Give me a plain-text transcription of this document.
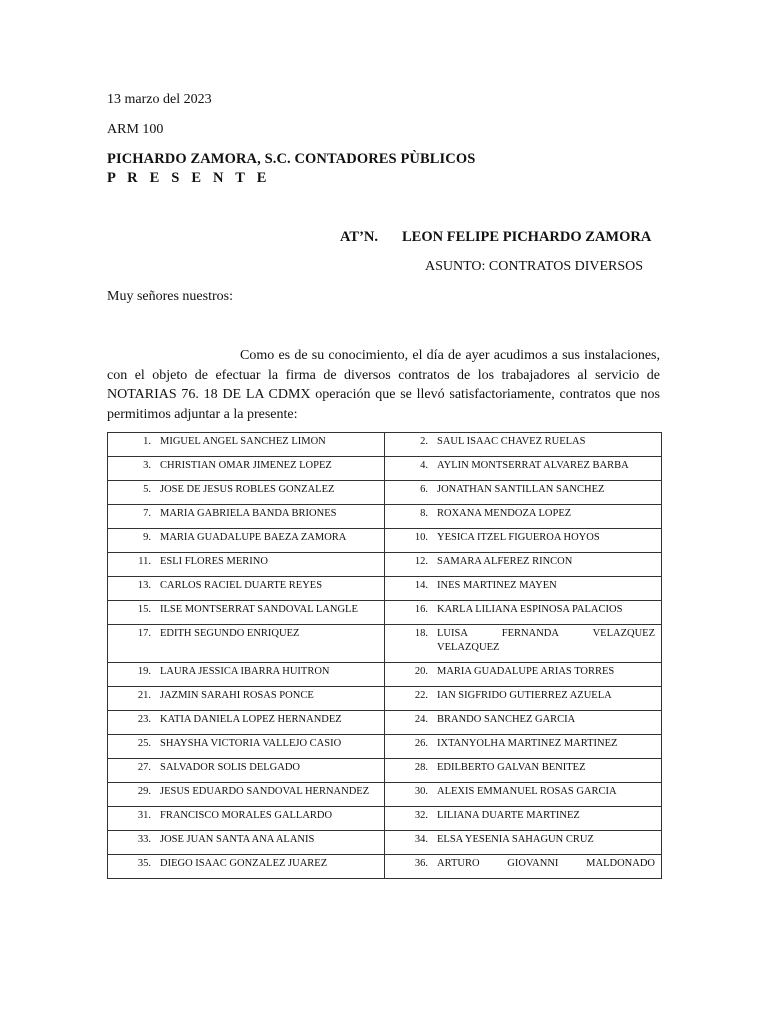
13 marzo del 2023
ARM 100
PICHARDO ZAMORA, S.C. CONTADORES PÙBLICOS
P R E S E N T E
AT’N. LEON FELIPE PICHARDO ZAMORA
ASUNTO: CONTRATOS DIVERSOS
Muy señores nuestros:
Como es de su conocimiento, el día de ayer acudimos a sus instalaciones, con el objeto de efectuar la firma de diversos contratos de los trabajadores al servicio de NOTARIAS 76. 18 DE LA CDMX operación que se llevó satisfactoriamente, contratos que nos permitimos adjuntar a la presente:
1. MIGUEL ANGEL SANCHEZ LIMON	2. SAUL ISAAC CHAVEZ RUELAS

3. CHRISTIAN OMAR JIMENEZ LOPEZ	4. AYLIN MONTSERRAT ALVAREZ BARBA

5. JOSE DE JESUS ROBLES GONZALEZ	6. JONATHAN SANTILLAN SANCHEZ

7. MARIA GABRIELA BANDA BRIONES	8. ROXANA MENDOZA LOPEZ

9. MARIA GUADALUPE BAEZA ZAMORA	10. YESICA ITZEL FIGUEROA HOYOS

11. ESLI FLORES MERINO	12. SAMARA ALFEREZ RINCON

13. CARLOS RACIEL DUARTE REYES	14. INES MARTINEZ MAYEN

15. ILSE MONTSERRAT SANDOVAL LANGLE	16. KARLA LILIANA ESPINOSA PALACIOS

17. EDITH SEGUNDO ENRIQUEZ	18. LUISA FERNANDA VELAZQUEZ VELAZQUEZ

19. LAURA JESSICA IBARRA HUITRON	20. MARIA GUADALUPE ARIAS TORRES

21. JAZMIN SARAHI ROSAS PONCE	22. IAN SIGFRIDO GUTIERREZ AZUELA

23. KATIA DANIELA LOPEZ HERNANDEZ	24. BRANDO SANCHEZ GARCIA

25. SHAYSHA VICTORIA VALLEJO CASIO	26. IXTANYOLHA MARTINEZ MARTINEZ

27. SALVADOR SOLIS DELGADO	28. EDILBERTO GALVAN BENITEZ

29. JESUS EDUARDO SANDOVAL HERNANDEZ	30. ALEXIS EMMANUEL ROSAS GARCIA

31. FRANCISCO MORALES GALLARDO	32. LILIANA DUARTE MARTINEZ

33. JOSE JUAN SANTA ANA ALANIS	34. ELSA YESENIA SAHAGUN CRUZ

35. DIEGO ISAAC GONZALEZ JUAREZ	36. ARTURO GIOVANNI MALDONADO
